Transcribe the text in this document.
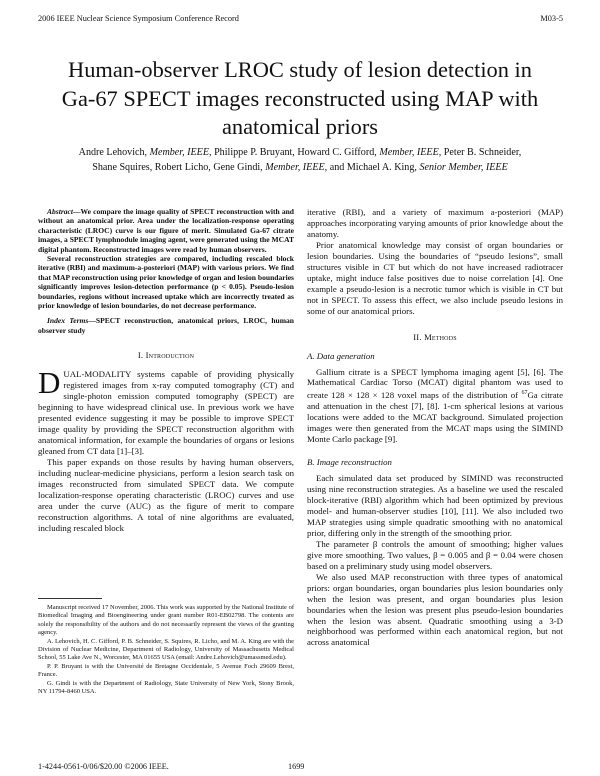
2006 IEEE Nuclear Science Symposium Conference Record	M03-5
Human-observer LROC study of lesion detection in
Ga-67 SPECT images reconstructed using MAP with
anatomical priors
Andre Lehovich, Member, IEEE, Philippe P. Bruyant, Howard C. Gifford, Member, IEEE, Peter B. Schneider,
Shane Squires, Robert Licho, Gene Gindi, Member, IEEE, and Michael A. King, Senior Member, IEEE
Abstract—We compare the image quality of SPECT reconstruction with and without an anatomical prior. Area under the localization-response operating characteristic (LROC) curve is our figure of merit. Simulated Ga-67 citrate images, a SPECT lymphnodule imaging agent, were generated using the MCAT digital phantom. Reconstructed images were read by human observers.
Several reconstruction strategies are compared, including rescaled block iterative (RBI) and maximum-a-posteriori (MAP) with various priors. We find that MAP reconstruction using prior knowledge of organ and lesion boundaries significantly improves lesion-detection performance (p < 0.05). Pseudo-lesion boundaries, regions without increased uptake which are incorrectly treated as prior knowledge of lesion boundaries, do not decrease performance.
Index Terms—SPECT reconstruction, anatomical priors, LROC, human observer study
I. Introduction

DUAL-MODALITY systems capable of providing physically registered images from x-ray computed tomography (CT) and single-photon emission computed tomography (SPECT) are beginning to have widespread clinical use. In previous work we have presented evidence suggesting it may be possible to improve SPECT image quality by providing the SPECT reconstruction algorithm with anatomical information, for example the boundaries of organs or lesions gleaned from CT data [1]–[3].

This paper expands on those results by having human observers, including nuclear-medicine physicians, perform a lesion search task on images reconstructed from simulated SPECT data. We compute localization-response operating characteristic (LROC) curves and use area under the curve (AUC) as the figure of merit to compare reconstruction algorithms. A total of nine algorithms are evaluated, including rescaled block

Manuscript received 17 November, 2006. This work was supported by the National Institute of Biomedical Imaging and Bioengineering under grant number R01-EB02798. The contents are solely the responsibility of the authors and do not necessarily represent the views of the granting agency.

A. Lehovich, H. C. Gifford, P. B. Schneider, S. Squires, R. Licho, and M. A. King are with the Division of Nuclear Medicine, Department of Radiology, University of Massachusetts Medical School, 55 Lake Ave N., Worcester, MA 01655 USA (email: Andre.Lehovich@umassmed.edu).

P. P. Bruyant is with the Université de Bretagne Occidentale, 5 Avenue Foch 29609 Brest, France.

G. Gindi is with the Department of Radiology, State University of New York, Stony Brook, NY 11794-8460 USA.

iterative (RBI), and a variety of maximum a-posteriori (MAP) approaches incorporating varying amounts of prior knowledge about the anatomy.

Prior anatomical knowledge may consist of organ boundaries or lesion boundaries. Using the boundaries of “pseudo lesions”, small structures visible in CT but which do not have increased radiotracer uptake, might induce false positives due to noise correlation [4]. One example a pseudo-lesion is a necrotic tumor which is visible in CT but not in SPECT. To assess this effect, we also include pseudo lesions in some of our anatomical priors.

II. Methods
A. Data generation

Gallium citrate is a SPECT lymphoma imaging agent [5], [6]. The Mathematical Cardiac Torso (MCAT) digital phantom was used to create 128 × 128 × 128 voxel maps of the distribution of $^{67}$Ga citrate and attenuation in the chest [7], [8]. 1-cm spherical lesions at various locations were added to the MCAT background. Simulated projection images were then generated from the MCAT maps using the SIMIND Monte Carlo package [9].

B. Image reconstruction

Each simulated data set produced by SIMIND was reconstructed using nine reconstruction strategies. As a baseline we used the rescaled block-iterative (RBI) algorithm which had been optimized by previous model- and human-observer studies [10], [11]. We also included two MAP strategies using simple quadratic smoothing with no anatomical prior, differing only in the strength of the smoothing prior.

The parameter β controls the amount of smoothing; higher values give more smoothing. Two values, β = 0.005 and β = 0.04 were chosen based on a preliminary study using model observers.

We also used MAP reconstruction with three types of anatomical priors: organ boundaries, organ boundaries plus lesion boundaries only when the lesion was present, and organ boundaries plus lesion boundaries when the lesion was present plus pseudo-lesion boundaries when the lesion was absent. Quadratic smoothing using a 3-D neighborhood was performed within each anatomical region, but not across anatomical

1-4244-0561-0/06/$20.00 ©2006 IEEE.	1699
